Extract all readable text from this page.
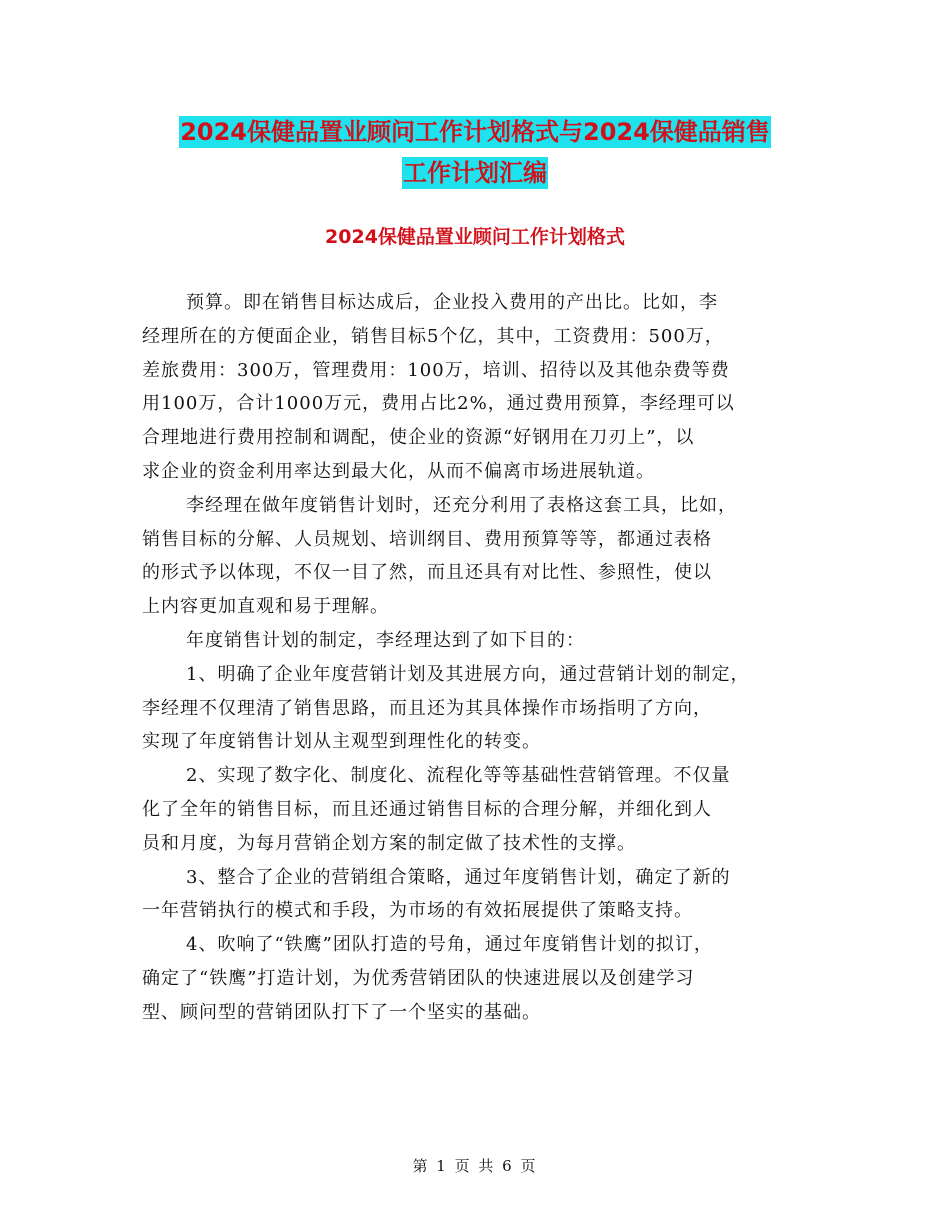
2024保健品置业顾问工作计划格式与2024保健品销售
工作计划汇编
2024保健品置业顾问工作计划格式
预算。即在销售目标达成后，企业投入费用的产出比。比如，李
经理所在的方便面企业，销售目标5个亿，其中，工资费用：500万，
差旅费用：300万，管理费用：100万，培训、招待以及其他杂费等费
用100万，合计1000万元，费用占比2%，通过费用预算，李经理可以
合理地进行费用控制和调配，使企业的资源“好钢用在刀刃上”，以
求企业的资金利用率达到最大化，从而不偏离市场进展轨道。
李经理在做年度销售计划时，还充分利用了表格这套工具，比如，
销售目标的分解、人员规划、培训纲目、费用预算等等，都通过表格
的形式予以体现，不仅一目了然，而且还具有对比性、参照性，使以
上内容更加直观和易于理解。
年度销售计划的制定，李经理达到了如下目的：
1、明确了企业年度营销计划及其进展方向，通过营销计划的制定，
李经理不仅理清了销售思路，而且还为其具体操作市场指明了方向，
实现了年度销售计划从主观型到理性化的转变。
2、实现了数字化、制度化、流程化等等基础性营销管理。不仅量
化了全年的销售目标，而且还通过销售目标的合理分解，并细化到人
员和月度，为每月营销企划方案的制定做了技术性的支撑。
3、整合了企业的营销组合策略，通过年度销售计划，确定了新的
一年营销执行的模式和手段，为市场的有效拓展提供了策略支持。
4、吹响了“铁鹰”团队打造的号角，通过年度销售计划的拟订，
确定了“铁鹰”打造计划，为优秀营销团队的快速进展以及创建学习
型、顾问型的营销团队打下了一个坚实的基础。
第 1 页 共 6 页
